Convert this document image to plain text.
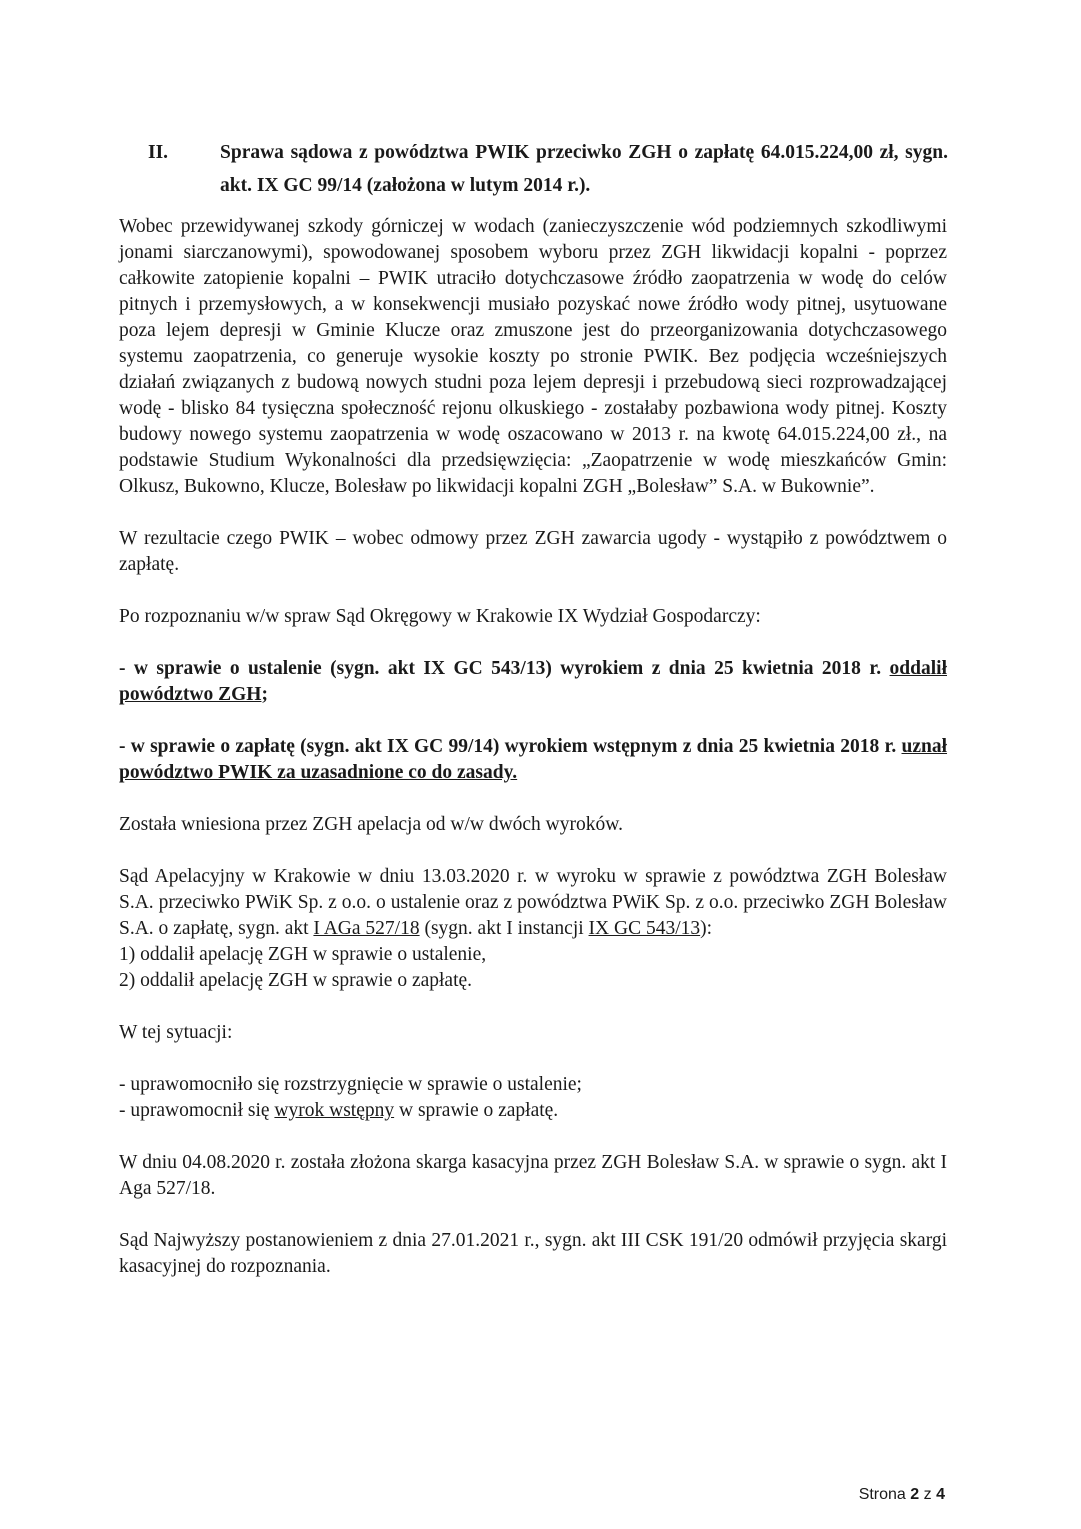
II.	Sprawa sądowa z powództwa PWIK przeciwko ZGH o zapłatę 64.015.224,00 zł, sygn. akt. IX GC 99/14 (założona w lutym 2014 r.).

Wobec przewidywanej szkody górniczej w wodach (zanieczyszczenie wód podziemnych szkodliwymi jonami siarczanowymi), spowodowanej sposobem wyboru przez ZGH likwidacji kopalni - poprzez całkowite zatopienie kopalni – PWIK utraciło dotychczasowe źródło zaopatrzenia w wodę do celów pitnych i przemysłowych, a w konsekwencji musiało pozyskać nowe źródło wody pitnej, usytuowane poza lejem depresji w Gminie Klucze oraz zmuszone jest do przeorganizowania dotychczasowego systemu zaopatrzenia, co generuje wysokie koszty po stronie PWIK. Bez podjęcia wcześniejszych działań związanych z budową nowych studni poza lejem depresji i przebudową sieci rozprowadzającej wodę - blisko 84 tysięczna społeczność rejonu olkuskiego - zostałaby pozbawiona wody pitnej. Koszty budowy nowego systemu zaopatrzenia w wodę oszacowano w 2013 r. na kwotę 64.015.224,00 zł., na podstawie Studium Wykonalności dla przedsięwzięcia: „Zaopatrzenie w wodę mieszkańców Gmin: Olkusz, Bukowno, Klucze, Bolesław po likwidacji kopalni ZGH „Bolesław” S.A. w Bukownie”.

W rezultacie czego PWIK – wobec odmowy przez ZGH zawarcia ugody - wystąpiło z powództwem o zapłatę.

Po rozpoznaniu w/w spraw Sąd Okręgowy w Krakowie IX Wydział Gospodarczy:

- w sprawie o ustalenie (sygn. akt IX GC 543/13) wyrokiem z dnia 25 kwietnia 2018 r. oddalił powództwo ZGH;

- w sprawie o zapłatę (sygn. akt IX GC 99/14) wyrokiem wstępnym z dnia 25 kwietnia 2018 r. uznał powództwo PWIK za uzasadnione co do zasady.

Została wniesiona przez ZGH apelacja od w/w dwóch wyroków.

Sąd Apelacyjny w Krakowie w dniu 13.03.2020 r. w wyroku w sprawie z powództwa ZGH Bolesław S.A. przeciwko PWiK Sp. z o.o. o ustalenie oraz z powództwa PWiK Sp. z o.o. przeciwko ZGH Bolesław S.A. o zapłatę, sygn. akt I AGa 527/18 (sygn. akt I instancji IX GC 543/13):

1) oddalił apelację ZGH w sprawie o ustalenie,

2) oddalił apelację ZGH w sprawie o zapłatę.

W tej sytuacji:

- uprawomocniło się rozstrzygnięcie w sprawie o ustalenie;

- uprawomocnił się wyrok wstępny w sprawie o zapłatę.

W dniu 04.08.2020 r. została złożona skarga kasacyjna przez ZGH Bolesław S.A. w sprawie o sygn. akt I Aga 527/18.

Sąd Najwyższy postanowieniem z dnia 27.01.2021 r., sygn. akt III CSK 191/20 odmówił przyjęcia skargi kasacyjnej do rozpoznania.

Strona 2 z 4
